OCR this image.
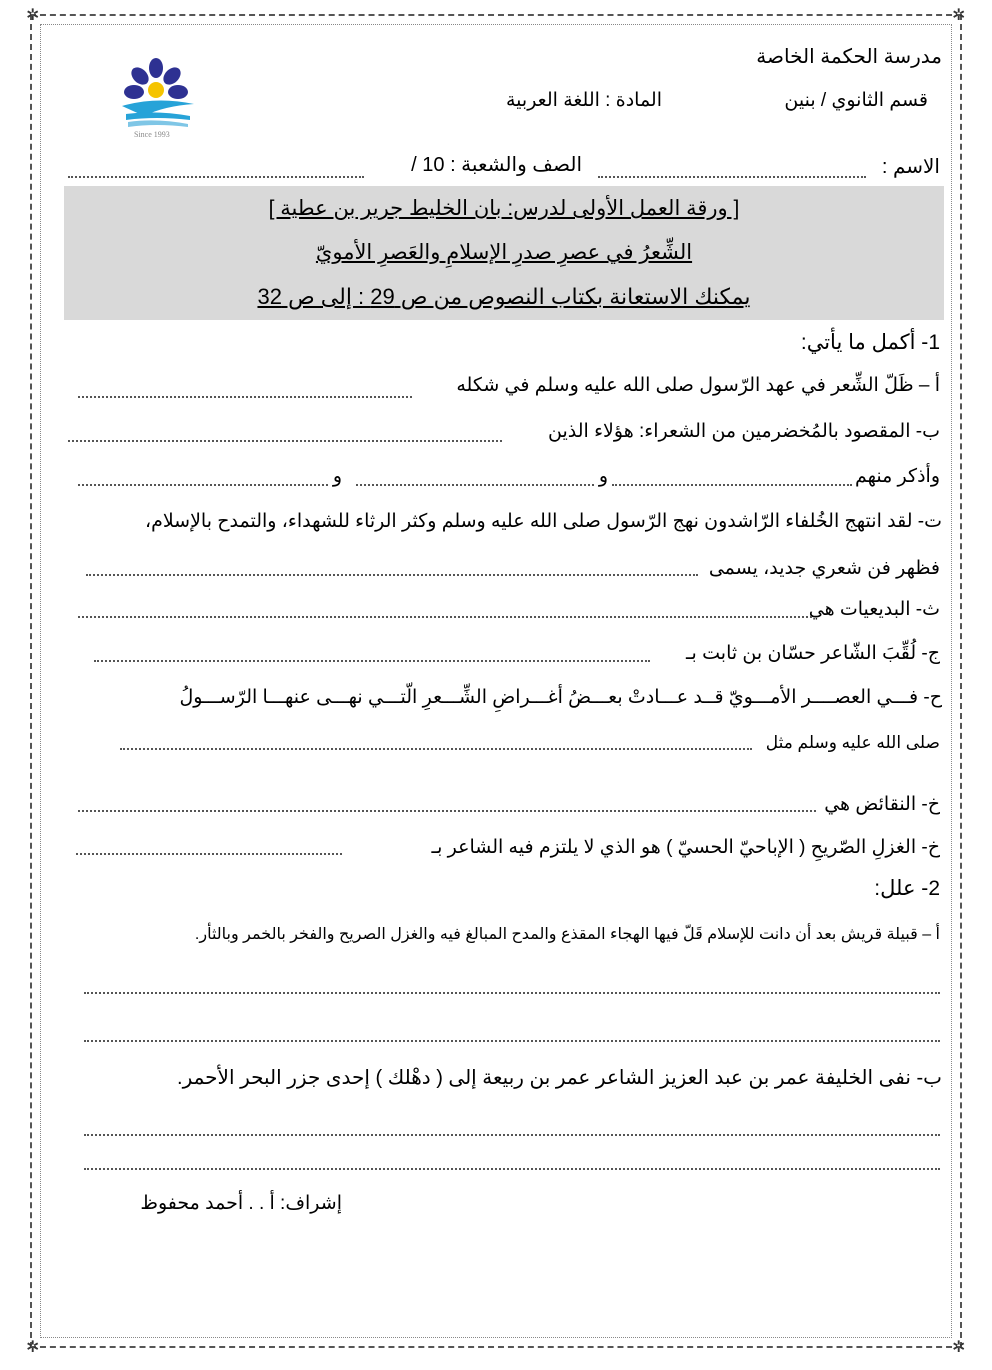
✲	✲
✲	✲
Since 1993
مدرسة الحكمة الخاصة
قسم الثانوي / بنين
المادة : اللغة العربية
الاسم :
الصف والشعبة : 10 /
[ ورقة العمل الأولى لدرس: بان الخليط جرير بن عطية ]
الشِّعرُ في عصرِ صدرِ الإسلامِ والعَصرِ الأمويّ
يمكنك الاستعانة بكتاب النصوص من ص 29 : إلى ص 32
1- أكمل ما يأتي:
أ – ظَلّ الشِّعر في عهد الرّسول صلى الله عليه وسلم في شكله
ب- المقصود بالمُخضرمين من الشعراء: هؤلاء الذين
وأذكر منهم
و
و
ت- لقد انتهج الخُلفاء الرّاشدون نهج الرّسول صلى الله عليه وسلم وكثر الرثاء للشهداء، والتمدح بالإسلام،
فظهر فن شعري جديد، يسمى
ث- البديعيات هي
ج- لُقِّبَ الشّاعر حسّان بن ثابت بـ
ح- فـــي العصــــر الأمـــويّ قــد عـــادتْ بعـــضُ أغـــراضِ الشِّـــعرِ الّتـــي نهـــى عنهـــا الرّســـولُ
صلى الله عليه وسلم مثل
خ- النقائض هي
خ- الغزلِ الصّريحِ ( الإباحيّ الحسيّ ) هو الذي لا يلتزم فيه الشاعر بـ
2- علل:
أ – قبيلة قريش بعد أن دانت للإسلام قَلّ فيها الهجاء المقذع والمدح المبالغ فيه والغزل الصريح والفخر بالخمر وبالثأر.
ب- نفى الخليفة عمر بن عبد العزيز الشاعر عمر بن ربيعة إلى ( دهْلك ) إحدى جزر البحر الأحمر.
إشراف: أ . . أحمد محفوظ
